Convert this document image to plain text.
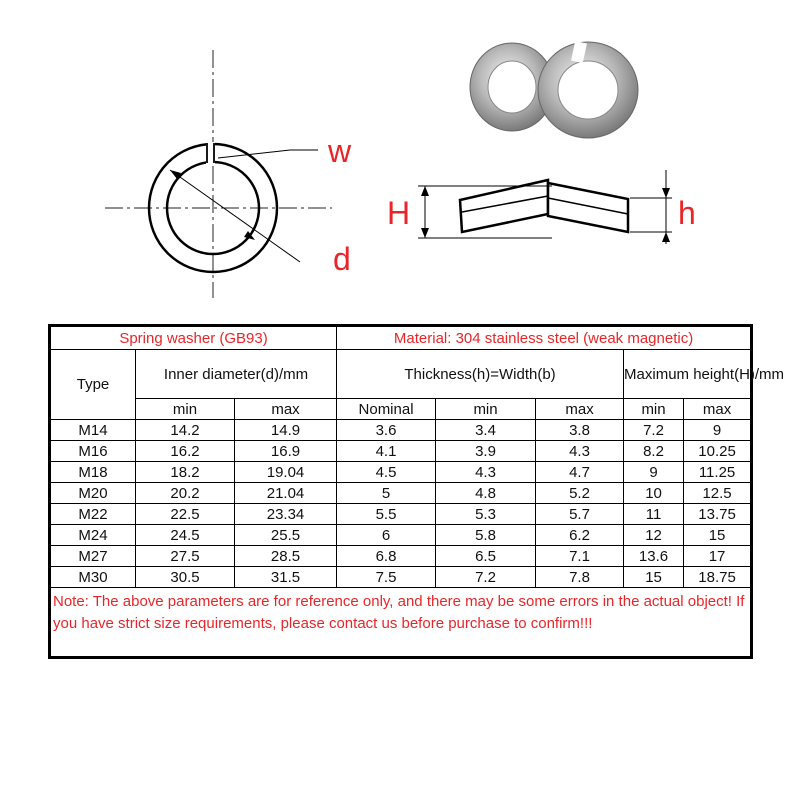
w
d
H	h
Spring washer (GB93)			Material: 304 stainless steel (weak magnetic)				
Type	Inner diameter(d)/mm		Thickness(h)=Width(b)			Maximum height(H)/mm	
	min	max	Nominal	min	max	min	max
M14	14.2	14.9	3.6	3.4	3.8	7.2	9
M16	16.2	16.9	4.1	3.9	4.3	8.2	10.25
M18	18.2	19.04	4.5	4.3	4.7	9	11.25
M20	20.2	21.04	5	4.8	5.2	10	12.5
M22	22.5	23.34	5.5	5.3	5.7	11	13.75
M24	24.5	25.5	6	5.8	6.2	12	15
M27	27.5	28.5	6.8	6.5	7.1	13.6	17
M30	30.5	31.5	7.5	7.2	7.8	15	18.75
Note: The above parameters are for reference only, and there may be some errors in the actual object! If you have strict size requirements, please contact us before purchase to confirm!!!							
